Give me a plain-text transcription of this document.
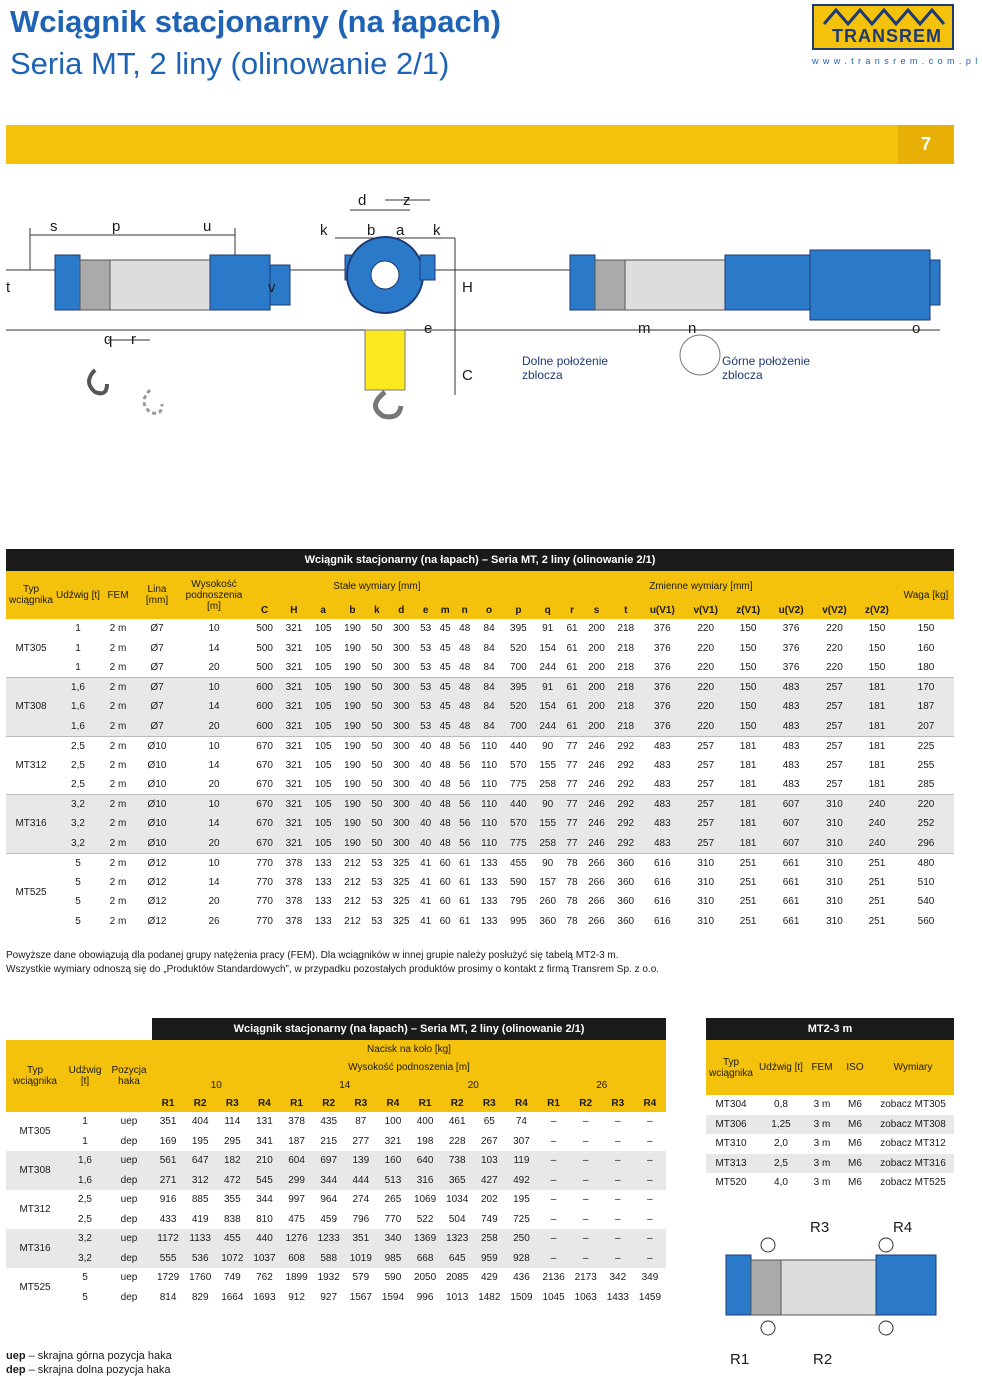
Wciągnik stacjonarny (na łapach)
Seria MT, 2 liny (olinowanie 2/1)
TRANSREM
www.transrem.com.pl
7
s	p	u
d z
k	b a k
t	v	H
q r
e	m	n	o
C
Dolne położenie zblocza
Górne położenie zblocza
Wciągnik stacjonarny (na łapach) – Seria MT, 2 liny (olinowanie 2/1)																										
Typ wciągnika	Udźwig [t]	FEM	Lina [mm]	Wysokość podnoszenia [m]	Stałe wymiary [mm]										Zmienne wymiary [mm]											Waga [kg]
					C	H	a	b	k	d	e	m	n	o	p	q	r	s	t	u(V1)	v(V1)	z(V1)	u(V2)	v(V2)	z(V2)	
MT305	1	2 m	Ø7	10	500	321	105	190	50	300	53	45	48	84	395	91	61	200	218	376	220	150	376	220	150	150
	1	2 m	Ø7	14	500	321	105	190	50	300	53	45	48	84	520	154	61	200	218	376	220	150	376	220	150	160
	1	2 m	Ø7	20	500	321	105	190	50	300	53	45	48	84	700	244	61	200	218	376	220	150	376	220	150	180
MT308	1,6	2 m	Ø7	10	600	321	105	190	50	300	53	45	48	84	395	91	61	200	218	376	220	150	483	257	181	170
	1,6	2 m	Ø7	14	600	321	105	190	50	300	53	45	48	84	520	154	61	200	218	376	220	150	483	257	181	187
	1,6	2 m	Ø7	20	600	321	105	190	50	300	53	45	48	84	700	244	61	200	218	376	220	150	483	257	181	207
MT312	2,5	2 m	Ø10	10	670	321	105	190	50	300	40	48	56	110	440	90	77	246	292	483	257	181	483	257	181	225
	2,5	2 m	Ø10	14	670	321	105	190	50	300	40	48	56	110	570	155	77	246	292	483	257	181	483	257	181	255
	2,5	2 m	Ø10	20	670	321	105	190	50	300	40	48	56	110	775	258	77	246	292	483	257	181	483	257	181	285
MT316	3,2	2 m	Ø10	10	670	321	105	190	50	300	40	48	56	110	440	90	77	246	292	483	257	181	607	310	240	220
	3,2	2 m	Ø10	14	670	321	105	190	50	300	40	48	56	110	570	155	77	246	292	483	257	181	607	310	240	252
	3,2	2 m	Ø10	20	670	321	105	190	50	300	40	48	56	110	775	258	77	246	292	483	257	181	607	310	240	296
MT525	5	2 m	Ø12	10	770	378	133	212	53	325	41	60	61	133	455	90	78	266	360	616	310	251	661	310	251	480
	5	2 m	Ø12	14	770	378	133	212	53	325	41	60	61	133	590	157	78	266	360	616	310	251	661	310	251	510
	5	2 m	Ø12	20	770	378	133	212	53	325	41	60	61	133	795	260	78	266	360	616	310	251	661	310	251	540
	5	2 m	Ø12	26	770	378	133	212	53	325	41	60	61	133	995	360	78	266	360	616	310	251	661	310	251	560
Powyższe dane obowiązują dla podanej grupy natężenia pracy (FEM). Dla wciągników w innej grupie należy posłużyć się tabelą MT2-3 m.
Wszystkie wymiary odnoszą się do „Produktów Standardowych”, w przypadku pozostałych produktów prosimy o kontakt z firmą Transrem Sp. z o.o.
			Wciągnik stacjonarny (na łapach) – Seria MT, 2 liny (olinowanie 2/1)															
Typ wciągnika	Udźwig [t]	Pozycja haka	Nacisk na koło [kg]															
			Wysokość podnoszenia [m]															
			10				14				20				26			
			R1	R2	R3	R4	R1	R2	R3	R4	R1	R2	R3	R4	R1	R2	R3	R4
MT305	1	uep	351	404	114	131	378	435	87	100	400	461	65	74	–	–	–	–
	1	dep	169	195	295	341	187	215	277	321	198	228	267	307	–	–	–	–
MT308	1,6	uep	561	647	182	210	604	697	139	160	640	738	103	119	–	–	–	–
	1,6	dep	271	312	472	545	299	344	444	513	316	365	427	492	–	–	–	–
MT312	2,5	uep	916	885	355	344	997	964	274	265	1069	1034	202	195	–	–	–	–
	2,5	dep	433	419	838	810	475	459	796	770	522	504	749	725	–	–	–	–
MT316	3,2	uep	1172	1133	455	440	1276	1233	351	340	1369	1323	258	250	–	–	–	–
	3,2	dep	555	536	1072	1037	608	588	1019	985	668	645	959	928	–	–	–	–
MT525	5	uep	1729	1760	749	762	1899	1932	579	590	2050	2085	429	436	2136	2173	342	349
	5	dep	814	829	1664	1693	912	927	1567	1594	996	1013	1482	1509	1045	1063	1433	1459
MT2-3 m				
Typ wciągnika	Udźwig [t]	FEM	ISO	Wymiary
MT304	0,8	3 m	M6	zobacz MT305
MT306	1,25	3 m	M6	zobacz MT308
MT310	2,0	3 m	M6	zobacz MT312
MT313	2,5	3 m	M6	zobacz MT316
MT520	4,0	3 m	M6	zobacz MT525
R3	R4
R1	R2
uep – skrajna górna pozycja haka
dep – skrajna dolna pozycja haka
